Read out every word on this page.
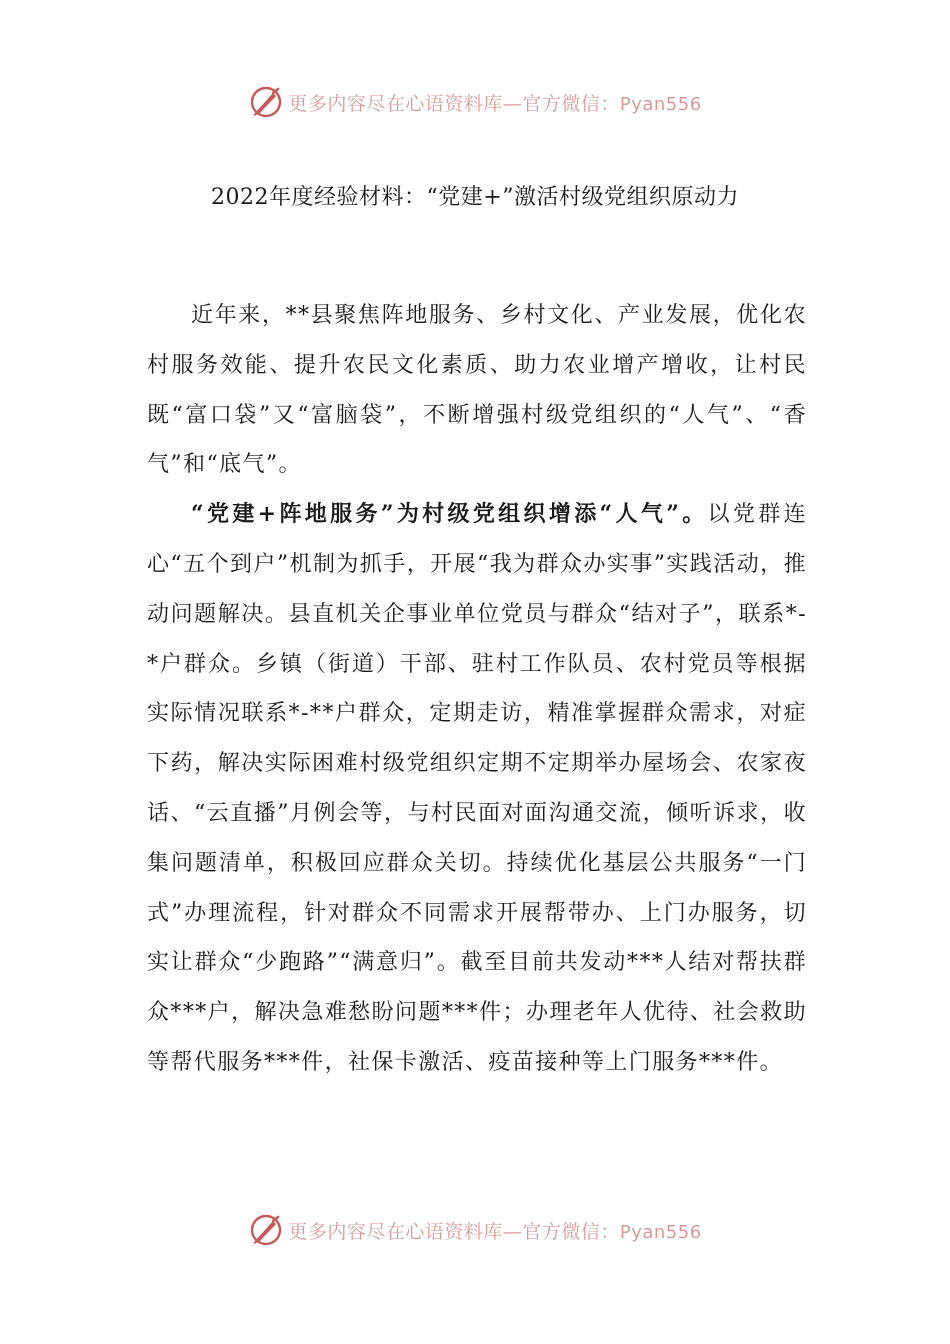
更多内容尽在心语资料库—官方微信：Pyan556
2022年度经验材料：“党建+”激活村级党组织原动力

近年来，**县聚焦阵地服务、乡村文化、产业发展，优化农村服务效能、提升农民文化素质、助力农业增产增收，让村民既“富口袋”又“富脑袋”，不断增强村级党组织的“人气”、“香气”和“底气”。

“党建+阵地服务”为村级党组织增添“人气”。以党群连心“五个到户”机制为抓手，开展“我为群众办实事”实践活动，推动问题解决。县直机关企事业单位党员与群众“结对子”，联系*-*户群众。乡镇（街道）干部、驻村工作队员、农村党员等根据实际情况联系*-**户群众，定期走访，精准掌握群众需求，对症下药，解决实际困难村级党组织定期不定期举办屋场会、农家夜话、“云直播”月例会等，与村民面对面沟通交流，倾听诉求，收集问题清单，积极回应群众关切。持续优化基层公共服务“一门式”办理流程，针对群众不同需求开展帮带办、上门办服务，切实让群众“少跑路”“满意归”。截至目前共发动***人结对帮扶群众***户，解决急难愁盼问题***件；办理老年人优待、社会救助等帮代服务***件，社保卡激活、疫苗接种等上门服务***件。

更多内容尽在心语资料库—官方微信：Pyan556
